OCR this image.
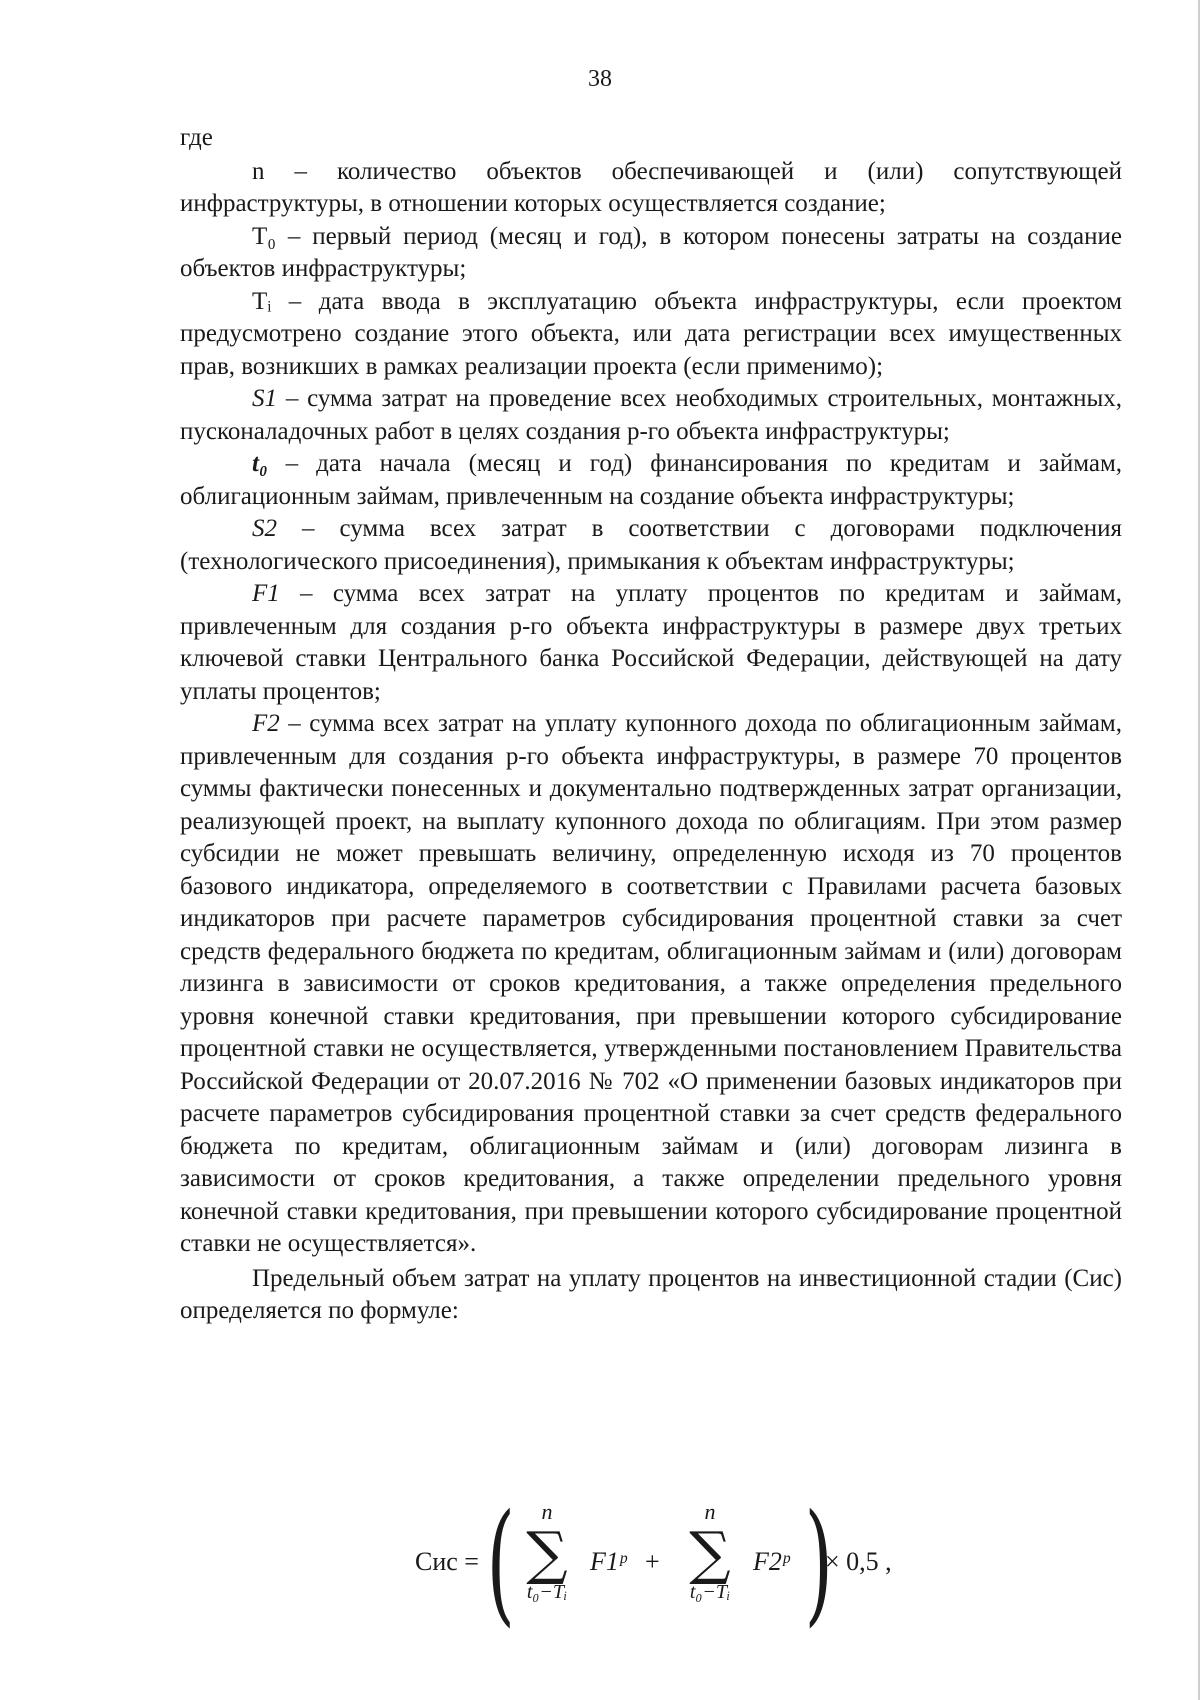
38

где

n – количество объектов обеспечивающей и (или) сопутствующей инфраструктуры, в отношении которых осуществляется создание;

T₀ – первый период (месяц и год), в котором понесены затраты на создание объектов инфраструктуры;

Tᵢ – дата ввода в эксплуатацию объекта инфраструктуры, если проектом предусмотрено создание этого объекта, или дата регистрации всех имущественных прав, возникших в рамках реализации проекта (если применимо);

S1 – сумма затрат на проведение всех необходимых строительных, монтажных, пусконаладочных работ в целях создания р-го объекта инфраструктуры;

t₀ – дата начала (месяц и год) финансирования по кредитам и займам, облигационным займам, привлеченным на создание объекта инфраструктуры;

S2 – сумма всех затрат в соответствии с договорами подключения (технологического присоединения), примыкания к объектам инфраструктуры;

F1 – сумма всех затрат на уплату процентов по кредитам и займам, привлеченным для создания р-го объекта инфраструктуры в размере двух третьих ключевой ставки Центрального банка Российской Федерации, действующей на дату уплаты процентов;

F2 – сумма всех затрат на уплату купонного дохода по облигационным займам, привлеченным для создания р-го объекта инфраструктуры, в размере 70 процентов суммы фактически понесенных и документально подтвержденных затрат организации, реализующей проект, на выплату купонного дохода по облигациям. При этом размер субсидии не может превышать величину, определенную исходя из 70 процентов базового индикатора, определяемого в соответствии с Правилами расчета базовых индикаторов при расчете параметров субсидирования процентной ставки за счет средств федерального бюджета по кредитам, облигационным займам и (или) договорам лизинга в зависимости от сроков кредитования, а также определения предельного уровня конечной ставки кредитования, при превышении которого субсидирование процентной ставки не осуществляется, утвержденными постановлением Правительства Российской Федерации от 20.07.2016 № 702 «О применении базовых индикаторов при расчете параметров субсидирования процентной ставки за счет средств федерального бюджета по кредитам, облигационным займам и (или) договорам лизинга в зависимости от сроков кредитования, а также определении предельного уровня конечной ставки кредитования, при превышении которого субсидирование процентной ставки не осуществляется».

Предельный объем затрат на уплату процентов на инвестиционной стадии (Сис) определяется по формуле:

Сис = (	n
∑
t₀−Tᵢ
F1ᵖ +
n
∑
t₀−Tᵢ
F2ᵖ )
× 0,5 ,
